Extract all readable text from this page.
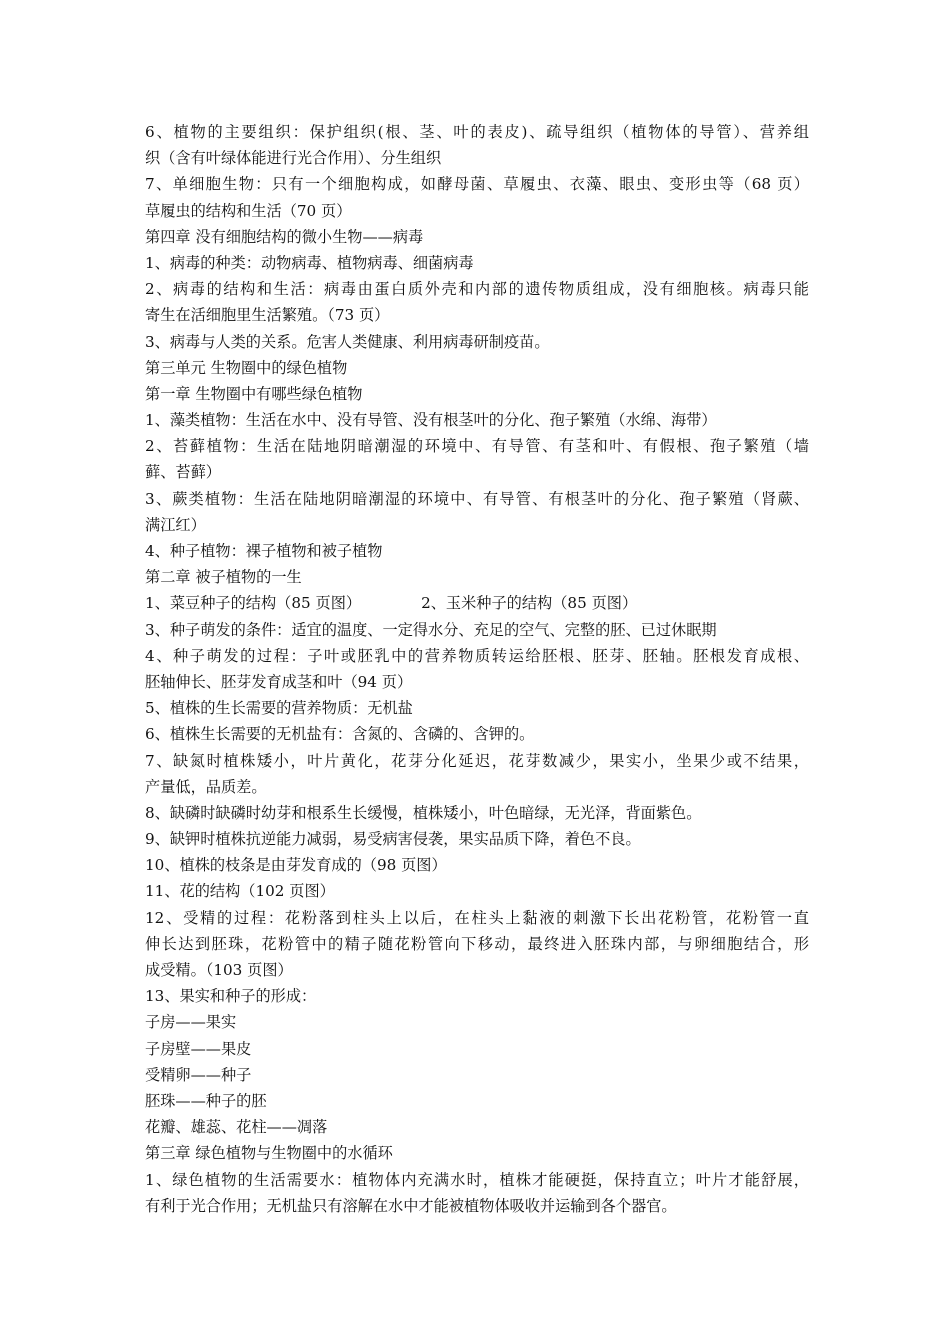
6、植物的主要组织：保护组织(根、茎、叶的表皮)、疏导组织（植物体的导管）、营养组
织（含有叶绿体能进行光合作用）、分生组织
7、单细胞生物：只有一个细胞构成，如酵母菌、草履虫、衣藻、眼虫、变形虫等（68 页）
草履虫的结构和生活（70 页）
第四章 没有细胞结构的微小生物——病毒
1、病毒的种类：动物病毒、植物病毒、细菌病毒
2、病毒的结构和生活：病毒由蛋白质外壳和内部的遗传物质组成，没有细胞核。病毒只能
寄生在活细胞里生活繁殖。（73 页）
3、病毒与人类的关系。危害人类健康、利用病毒研制疫苗。
第三单元 生物圈中的绿色植物
第一章 生物圈中有哪些绿色植物
1、藻类植物：生活在水中、没有导管、没有根茎叶的分化、孢子繁殖（水绵、海带）
2、苔藓植物：生活在陆地阴暗潮湿的环境中、有导管、有茎和叶、有假根、孢子繁殖（墙
藓、苔藓）
3、蕨类植物：生活在陆地阴暗潮湿的环境中、有导管、有根茎叶的分化、孢子繁殖（肾蕨、
满江红）
4、种子植物：裸子植物和被子植物
第二章 被子植物的一生
1、菜豆种子的结构（85 页图）	2、玉米种子的结构（85 页图）
3、种子萌发的条件：适宜的温度、一定得水分、充足的空气、完整的胚、已过休眠期
4、种子萌发的过程：子叶或胚乳中的营养物质转运给胚根、胚芽、胚轴。胚根发育成根、
胚轴伸长、胚芽发育成茎和叶（94 页）
5、植株的生长需要的营养物质：无机盐
6、植株生长需要的无机盐有：含氮的、含磷的、含钾的。
7、缺氮时植株矮小，叶片黄化，花芽分化延迟，花芽数减少，果实小，坐果少或不结果，
产量低，品质差。
8、缺磷时缺磷时幼芽和根系生长缓慢，植株矮小，叶色暗绿，无光泽，背面紫色。
9、缺钾时植株抗逆能力减弱，易受病害侵袭，果实品质下降，着色不良。
10、植株的枝条是由芽发育成的（98 页图）
11、花的结构（102 页图）
12、受精的过程：花粉落到柱头上以后，在柱头上黏液的刺激下长出花粉管，花粉管一直
伸长达到胚珠，花粉管中的精子随花粉管向下移动，最终进入胚珠内部，与卵细胞结合，形
成受精。（103 页图）
13、果实和种子的形成：
子房——果实
子房壁——果皮
受精卵——种子
胚珠——种子的胚
花瓣、雄蕊、花柱——凋落
第三章 绿色植物与生物圈中的水循环
1、绿色植物的生活需要水：植物体内充满水时，植株才能硬挺，保持直立；叶片才能舒展，
有利于光合作用；无机盐只有溶解在水中才能被植物体吸收并运输到各个器官。
